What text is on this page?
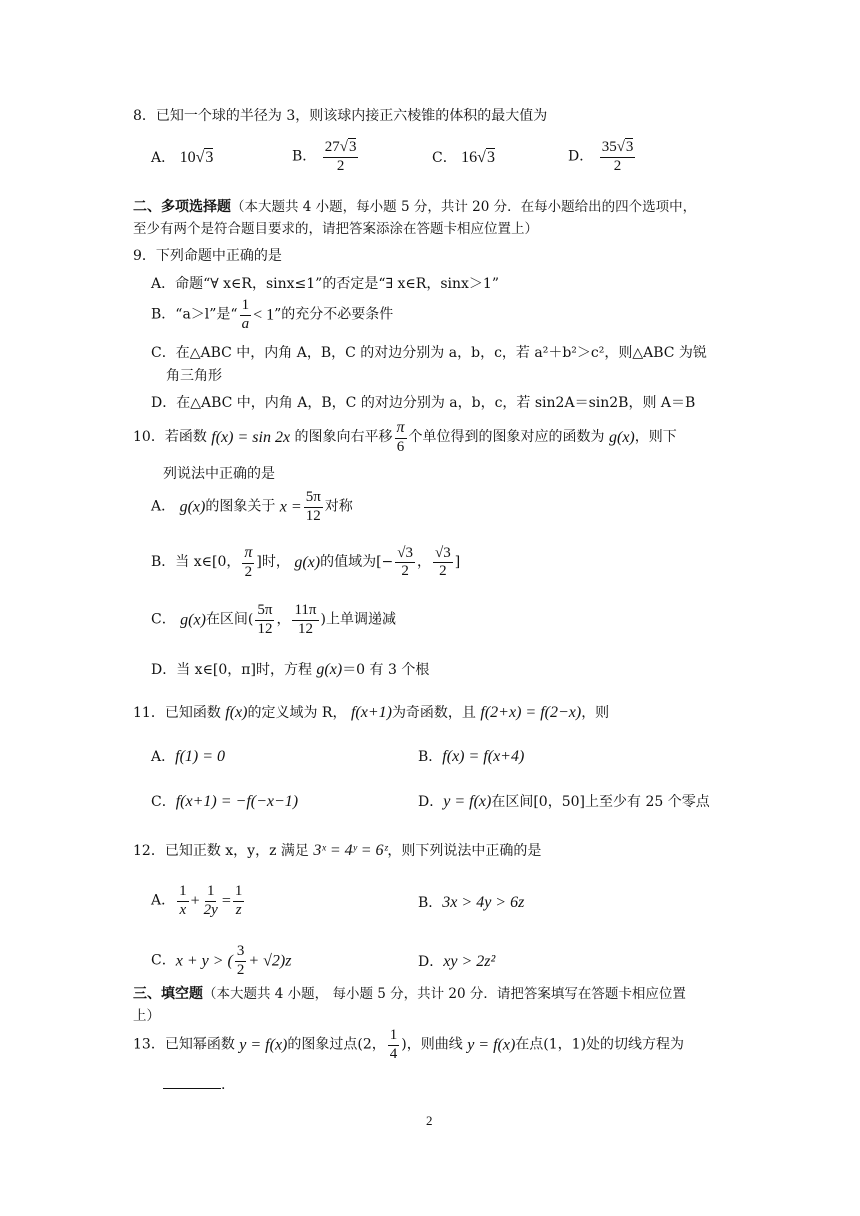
8．已知一个球的半径为 3，则该球内接正六棱锥的体积的最大值为
A． 10√3	B． $\frac{27√3}{2}$	C． 16√3	D． $\frac{35√3}{2}$
二、多项选择题（本大题共 4 小题，每小题 5 分，共计 20 分．在每小题给出的四个选项中，
至少有两个是符合题目要求的，请把答案添涂在答题卡相应位置上）
9．下列命题中正确的是
A．命题“∀ x∈R，sinx≤1”的否定是“∃ x∈R，sinx＞1”
B．“a＞l”是“ $\frac{1}{a} < 1$”的充分不必要条件
C．在△ABC 中，内角 A，B，C 的对边分别为 a，b，c，若 a²＋b²＞c²，则△ABC 为锐
角三角形
D．在△ABC 中，内角 A，B，C 的对边分别为 a，b，c，若 sin2A＝sin2B，则 A＝B
10．若函数 f(x) = sin 2x 的图象向右平移 $\frac{\pi}{6}$ 个单位得到的图象对应的函数为 g(x)，则下
列说法中正确的是
A． g(x)的图象关于 $x = \frac{5\pi}{12}$ 对称
B．当 x∈[0， $\frac{\pi}{2}$ ]时， g(x)的值域为[− $\frac{√3}{2}$ ， $\frac{√3}{2}$ ]
C． g(x)在区间( $\frac{5\pi}{12}$ ， $\frac{11\pi}{12}$ )上单调递减
D．当 x∈[0，π]时，方程 g(x)＝0 有 3 个根
11．已知函数 f(x)的定义域为 R， f(x+1)为奇函数，且 f(2+x) = f(2−x)，则
A．f(1) = 0	B．f(x) = f(x+4)
C．f(x+1) = −f(−x−1)	D．y = f(x)在区间[0，50]上至少有 25 个零点
12．已知正数 x，y，z 满足 3ˣ = 4ʸ = 6ᶻ，则下列说法中正确的是
A． $\frac{1}{x} + \frac{1}{2y} = \frac{1}{z}$	B．3x > 4y > 6z
C．x + y > ( $\frac{3}{2} + √2)z$	D．xy > 2z²
三、填空题（本大题共 4 小题， 每小题 5 分，共计 20 分．请把答案填写在答题卡相应位置
上）
13．已知幂函数 y = f(x)的图象过点(2， $\frac{1}{4}$ )，则曲线 y = f(x)在点(1，1)处的切线方程为
.
2
